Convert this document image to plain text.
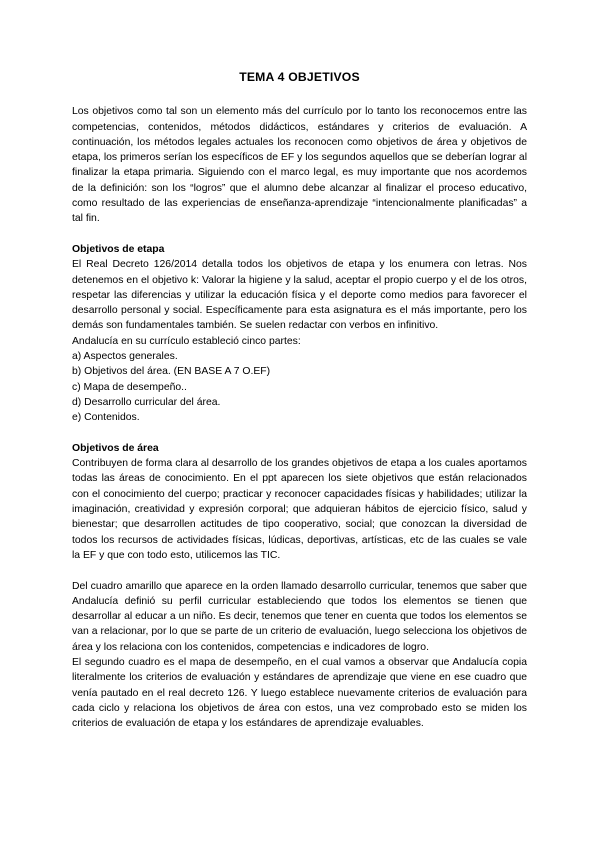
TEMA 4 OBJETIVOS

Los objetivos como tal son un elemento más del currículo por lo tanto los reconocemos entre las competencias, contenidos, métodos didácticos, estándares y criterios de evaluación. A continuación, los métodos legales actuales los reconocen como objetivos de área y objetivos de etapa, los primeros serían los específicos de EF y los segundos aquellos que se deberían lograr al finalizar la etapa primaria. Siguiendo con el marco legal, es muy importante que nos acordemos de la definición: son los “logros” que el alumno debe alcanzar al finalizar el proceso educativo, como resultado de las experiencias de enseñanza-aprendizaje “intencionalmente planificadas” a tal fin.

Objetivos de etapa

El Real Decreto 126/2014 detalla todos los objetivos de etapa y los enumera con letras. Nos detenemos en el objetivo k: Valorar la higiene y la salud, aceptar el propio cuerpo y el de los otros, respetar las diferencias y utilizar la educación física y el deporte como medios para favorecer el desarrollo personal y social. Específicamente para esta asignatura es el más importante, pero los demás son fundamentales también. Se suelen redactar con verbos en infinitivo.

Andalucía en su currículo estableció cinco partes:

a) Aspectos generales.
b) Objetivos del área. (EN BASE A 7 O.EF)
c) Mapa de desempeño..
d) Desarrollo curricular del área.
e) Contenidos.

Objetivos de área

Contribuyen de forma clara al desarrollo de los grandes objetivos de etapa a los cuales aportamos todas las áreas de conocimiento. En el ppt aparecen los siete objetivos que están relacionados con el conocimiento del cuerpo; practicar y reconocer capacidades físicas y habilidades; utilizar la imaginación, creatividad y expresión corporal; que adquieran hábitos de ejercicio físico, salud y bienestar; que desarrollen actitudes de tipo cooperativo, social; que conozcan la diversidad de todos los recursos de actividades físicas, lúdicas, deportivas, artísticas, etc de las cuales se vale la EF y que con todo esto, utilicemos las TIC.

Del cuadro amarillo que aparece en la orden llamado desarrollo curricular, tenemos que saber que Andalucía definió su perfil curricular estableciendo que todos los elementos se tienen que desarrollar al educar a un niño. Es decir, tenemos que tener en cuenta que todos los elementos se van a relacionar, por lo que se parte de un criterio de evaluación, luego selecciona los objetivos de área y los relaciona con los contenidos, competencias e indicadores de logro.

El segundo cuadro es el mapa de desempeño, en el cual vamos a observar que Andalucía copia literalmente los criterios de evaluación y estándares de aprendizaje que viene en ese cuadro que venía pautado en el real decreto 126. Y luego establece nuevamente criterios de evaluación para cada ciclo y relaciona los objetivos de área con estos, una vez comprobado esto se miden los criterios de evaluación de etapa y los estándares de aprendizaje evaluables.
